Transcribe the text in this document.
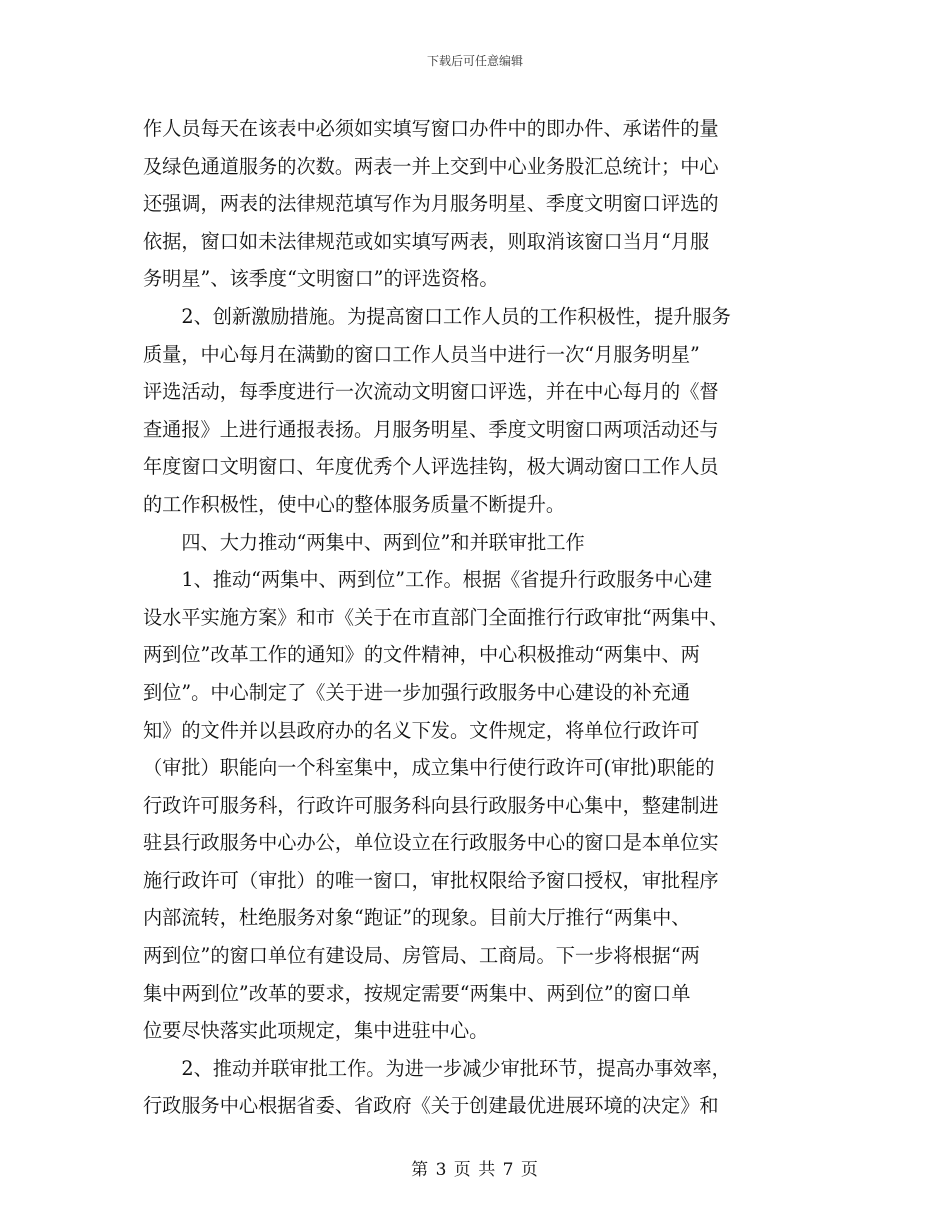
下载后可任意编辑
作人员每天在该表中必须如实填写窗口办件中的即办件、承诺件的量
及绿色通道服务的次数。两表一并上交到中心业务股汇总统计；中心
还强调，两表的法律规范填写作为月服务明星、季度文明窗口评选的
依据，窗口如未法律规范或如实填写两表，则取消该窗口当月“月服
务明星”、该季度“文明窗口”的评选资格。
　　2、创新激励措施。为提高窗口工作人员的工作积极性，提升服务
质量，中心每月在满勤的窗口工作人员当中进行一次“月服务明星”
评选活动，每季度进行一次流动文明窗口评选，并在中心每月的《督
查通报》上进行通报表扬。月服务明星、季度文明窗口两项活动还与
年度窗口文明窗口、年度优秀个人评选挂钩，极大调动窗口工作人员
的工作积极性，使中心的整体服务质量不断提升。
　　四、大力推动“两集中、两到位”和并联审批工作
　　1、推动“两集中、两到位”工作。根据《省提升行政服务中心建
设水平实施方案》和市《关于在市直部门全面推行行政审批“两集中、
两到位”改革工作的通知》的文件精神，中心积极推动“两集中、两
到位”。中心制定了《关于进一步加强行政服务中心建设的补充通
知》的文件并以县政府办的名义下发。文件规定，将单位行政许可
（审批）职能向一个科室集中，成立集中行使行政许可(审批)职能的
行政许可服务科，行政许可服务科向县行政服务中心集中，整建制进
驻县行政服务中心办公，单位设立在行政服务中心的窗口是本单位实
施行政许可（审批）的唯一窗口，审批权限给予窗口授权，审批程序
内部流转，杜绝服务对象“跑证”的现象。目前大厅推行“两集中、
两到位”的窗口单位有建设局、房管局、工商局。下一步将根据“两
集中两到位”改革的要求，按规定需要“两集中、两到位”的窗口单
位要尽快落实此项规定，集中进驻中心。
　　2、推动并联审批工作。为进一步减少审批环节，提高办事效率，
行政服务中心根据省委、省政府《关于创建最优进展环境的决定》和
第 3 页 共 7 页
